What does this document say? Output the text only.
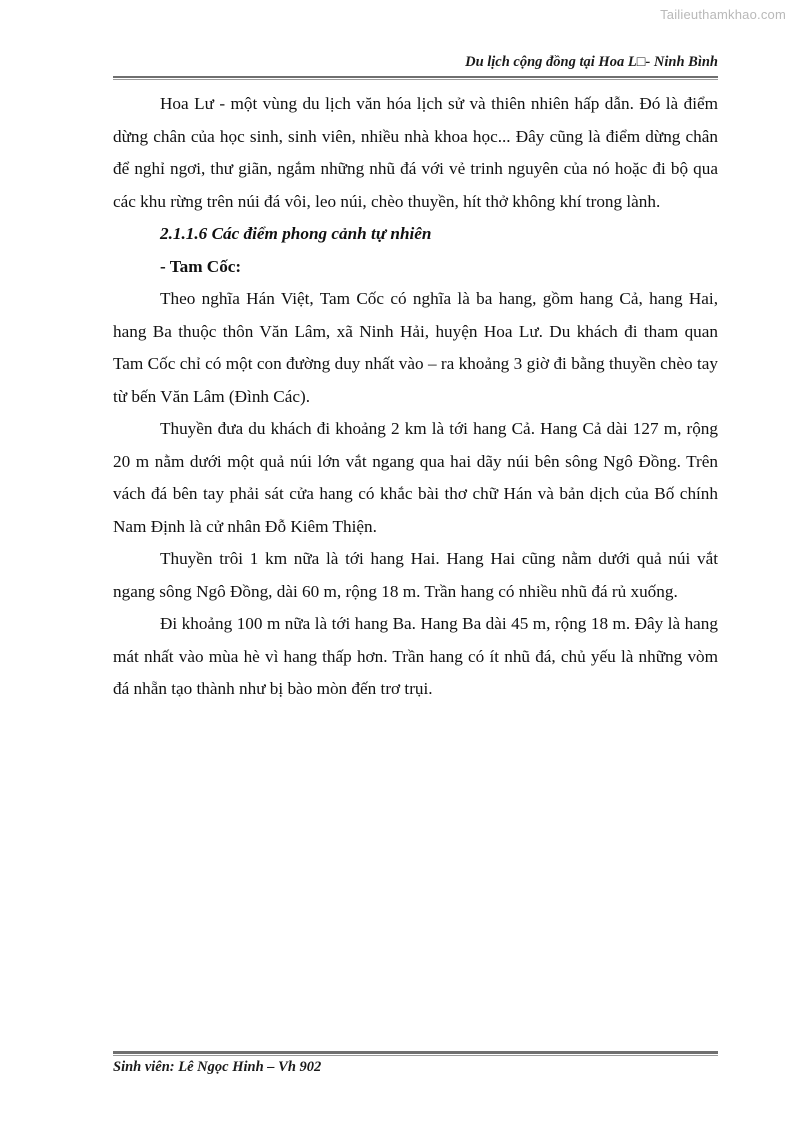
Tailieuthamkhao.com
Du lịch cộng đồng tại Hoa L□- Ninh Bình

Hoa Lư - một vùng du lịch văn hóa lịch sử và thiên nhiên hấp dẫn. Đó là điểm dừng chân của học sinh, sinh viên, nhiều nhà khoa học... Đây cũng là điểm dừng chân để nghỉ ngơi, thư giãn, ngắm những nhũ đá với vẻ trinh nguyên của nó hoặc đi bộ qua các khu rừng trên núi đá vôi, leo núi, chèo thuyền, hít thở không khí trong lành.

2.1.1.6 Các điểm phong cảnh tự nhiên

- Tam Cốc:

Theo nghĩa Hán Việt, Tam Cốc có nghĩa là ba hang, gồm hang Cả, hang Hai, hang Ba thuộc thôn Văn Lâm, xã Ninh Hải, huyện Hoa Lư. Du khách đi tham quan Tam Cốc chỉ có một con đường duy nhất vào – ra khoảng 3 giờ đi bằng thuyền chèo tay từ bến Văn Lâm (Đình Các).

Thuyền đưa du khách đi khoảng 2 km là tới hang Cả. Hang Cả dài 127 m, rộng 20 m nằm dưới một quả núi lớn vắt ngang qua hai dãy núi bên sông Ngô Đồng. Trên vách đá bên tay phải sát cửa hang có khắc bài thơ chữ Hán và bản dịch của Bố chính Nam Định là cử nhân Đỗ Kiêm Thiện.

Thuyền trôi 1 km nữa là tới hang Hai. Hang Hai cũng nằm dưới quả núi vắt ngang sông Ngô Đồng, dài 60 m, rộng 18 m. Trần hang có nhiều nhũ đá rủ xuống.

Đi khoảng 100 m nữa là tới hang Ba. Hang Ba dài 45 m, rộng 18 m. Đây là hang mát nhất vào mùa hè vì hang thấp hơn. Trần hang có ít nhũ đá, chủ yếu là những vòm đá nhẵn tạo thành như bị bào mòn đến trơ trụi.

Sinh viên: Lê Ngọc Hinh – Vh 902
